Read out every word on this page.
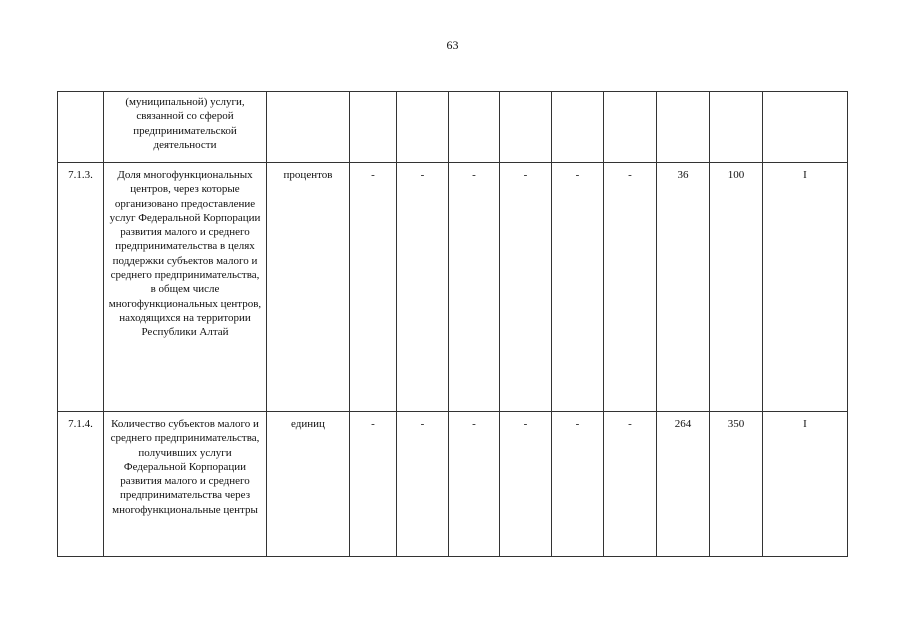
63
	(муниципальной) услуги, связанной со сферой предпринимательской деятельности										
7.1.3.	Доля многофункциональных центров, через которые организовано предоставление услуг Федеральной Корпорации развития малого и среднего предпринимательства в целях поддержки субъектов малого и среднего предпринимательства, в общем числе многофункциональных центров, находящихся на территории Республики Алтай	процентов	-	-	-	-	-	-	36	100	I
7.1.4.	Количество субъектов малого и среднего предпринимательства, получивших услуги Федеральной Корпорации развития малого и среднего предпринимательства через многофункциональные центры	единиц	-	-	-	-	-	-	264	350	I
